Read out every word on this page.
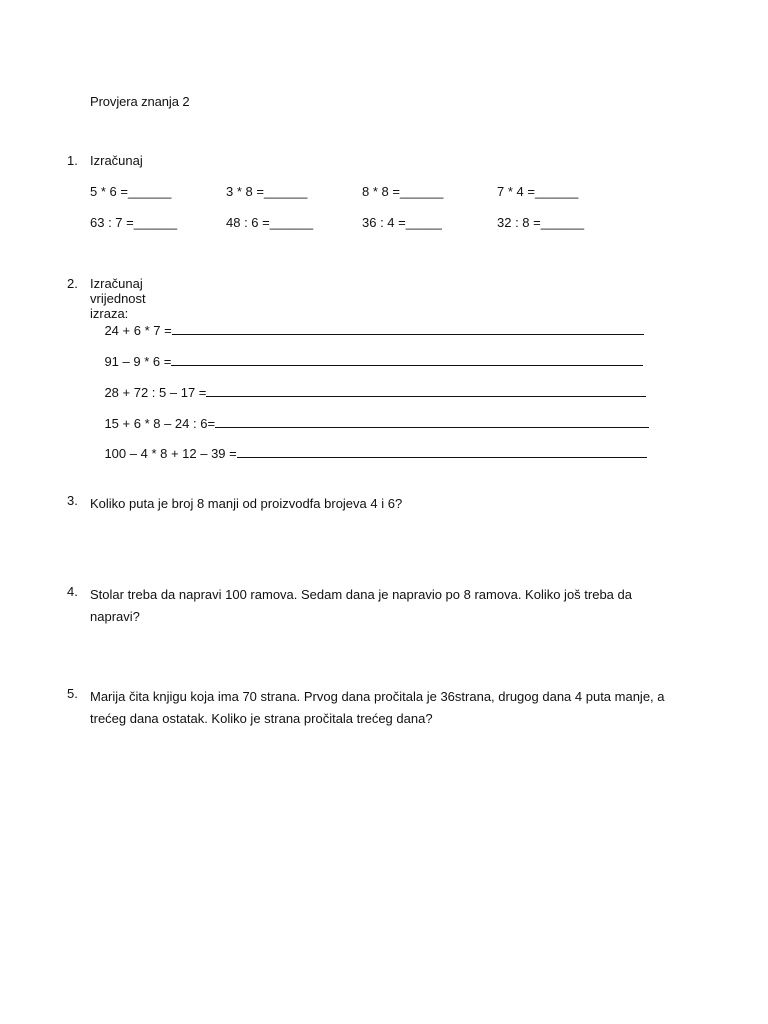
Provjera znanja 2
1. Izračunaj
5 * 6 =______	3 * 8 =______	8 * 8 =______	7 * 4 =______
63 : 7 =______	48 : 6 =______	36 : 4 =_____	32 : 8 =______
2. Izračunaj vrijednost izraza:

24 + 6 * 7 =

91 – 9 * 6 =

28 + 72 : 5 – 17 =

15 + 6 * 8 – 24 : 6=

100 – 4 * 8 + 12 – 39 =

3. Koliko puta je broj 8 manji od proizvodfa brojeva 4 i 6?
4. Stolar treba da napravi 100 ramova. Sedam dana je napravio po 8 ramova. Koliko još treba da napravi?
5. Marija čita knjigu koja ima 70 strana. Prvog dana pročitala je 36strana, drugog dana 4 puta manje, a trećeg dana ostatak. Koliko je strana pročitala trećeg dana?
